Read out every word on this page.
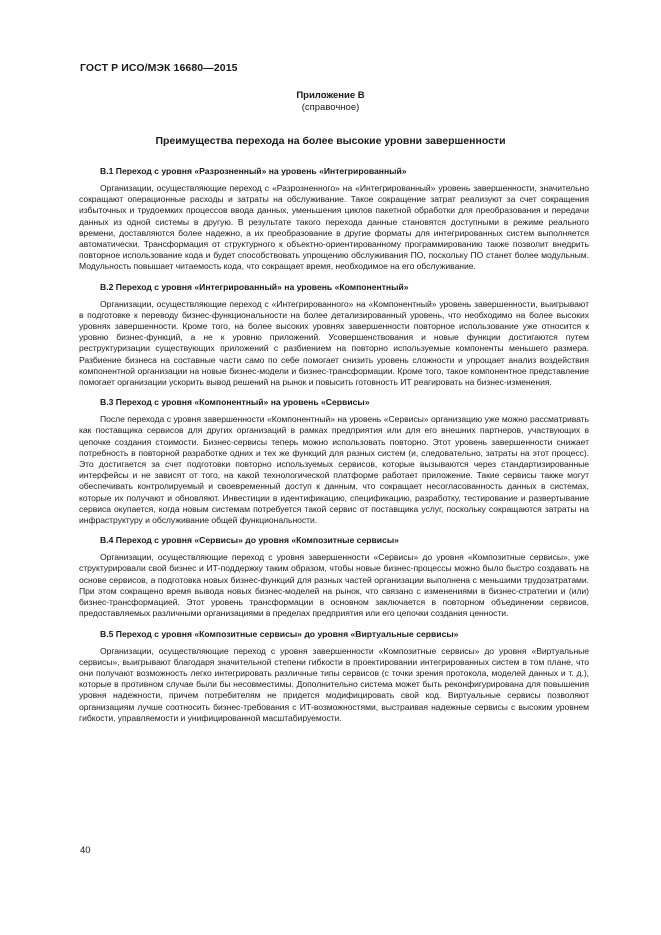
ГОСТ Р ИСО/МЭК 16680—2015
Приложение В
(справочное)
Преимущества перехода на более высокие уровни завершенности
В.1 Переход с уровня «Разрозненный» на уровень «Интегрированный»

Организации, осуществляющие переход с «Разрозненного» на «Интегрированный» уровень завершенности, значительно сокращают операционные расходы и затраты на обслуживание. Такое сокращение затрат реализуют за счет сокращения избыточных и трудоемких процессов ввода данных, уменьшения циклов пакетной обработки для преобразования и передачи данных из одной системы в другую. В результате такого перехода данные становятся доступными в режиме реального времени, доставляются более надежно, а их преобразование в другие форматы для интегрированных систем выполняется автоматически. Трансформация от структурного к объектно-ориентированному программированию также позволит внедрить повторное использование кода и будет способствовать упрощению обслуживания ПО, поскольку ПО станет более модульным. Модульность повышает читаемость кода, что сокращает время, необходимое на его обслуживание.

В.2 Переход с уровня «Интегрированный» на уровень «Компонентный»

Организации, осуществляющие переход с «Интегрированного» на «Компонентный» уровень завершенности, выигрывают в подготовке к переводу бизнес-функциональности на более детализированный уровень, что необходимо на более высоких уровнях завершенности. Кроме того, на более высоких уровнях завершенности повторное использование уже относится к уровню бизнес-функций, а не к уровню приложений. Усовершенствования и новые функции достигаются путем реструктуризации существующих приложений с разбиением на повторно используемые компоненты меньшего размера. Разбиение бизнеса на составные части само по себе помогает снизить уровень сложности и упрощает анализ воздействия компонентной организации на новые бизнес-модели и бизнес-трансформации. Кроме того, такое компонентное представление помогает организации ускорить вывод решений на рынок и повысить готовность ИТ реагировать на бизнес-изменения.

В.3 Переход с уровня «Компонентный» на уровень «Сервисы»

После перехода с уровня завершенности «Компонентный» на уровень «Сервисы» организацию уже можно рассматривать как поставщика сервисов для других организаций в рамках предприятия или для его внешних партнеров, участвующих в цепочке создания стоимости. Бизнес-сервисы теперь можно использовать повторно. Этот уровень завершенности снижает потребность в повторной разработке одних и тех же функций для разных систем (и, следовательно, затраты на этот процесс). Это достигается за счет подготовки повторно используемых сервисов, которые вызываются через стандартизированные интерфейсы и не зависят от того, на какой технологической платформе работает приложение. Такие сервисы также могут обеспечивать контролируемый и своевременный доступ к данным, что сокращает несогласованность данных в системах, которые их получают и обновляют. Инвестиции в идентификацию, спецификацию, разработку, тестирование и развертывание сервиса окупается, когда новым системам потребуется такой сервис от поставщика услуг, поскольку сокращаются затраты на инфраструктуру и обслуживание общей функциональности.

В.4 Переход с уровня «Сервисы» до уровня «Композитные сервисы»

Организации, осуществляющие переход с уровня завершенности «Сервисы» до уровня «Композитные сервисы», уже структурировали свой бизнес и ИТ-поддержку таким образом, чтобы новые бизнес-процессы можно было быстро создавать на основе сервисов, а подготовка новых бизнес-функций для разных частей организации выполнена с меньшими трудозатратами. При этом сокращено время вывода новых бизнес-моделей на рынок, что связано с изменениями в бизнес-стратегии и (или) бизнес-трансформацией. Этот уровень трансформации в основном заключается в повторном объединении сервисов, предоставляемых различными организациями в пределах предприятия или его цепочки создания ценности.

В.5 Переход с уровня «Композитные сервисы» до уровня «Виртуальные сервисы»

Организации, осуществляющие переход с уровня завершенности «Композитные сервисы» до уровня «Виртуальные сервисы», выигрывают благодаря значительной степени гибкости в проектировании интегрированных систем в том плане, что они получают возможность легко интегрировать различные типы сервисов (с точки зрения протокола, моделей данных и т. д.), которые в противном случае были бы несовместимы. Дополнительно система может быть реконфигурирована для повышения уровня надежности, причем потребителям не придется модифицировать свой код. Виртуальные сервисы позволяют организациям лучше соотносить бизнес-требования с ИТ-возможностями, выстраивая надежные сервисы с высоким уровнем гибкости, управляемости и унифицированной масштабируемости.

40
